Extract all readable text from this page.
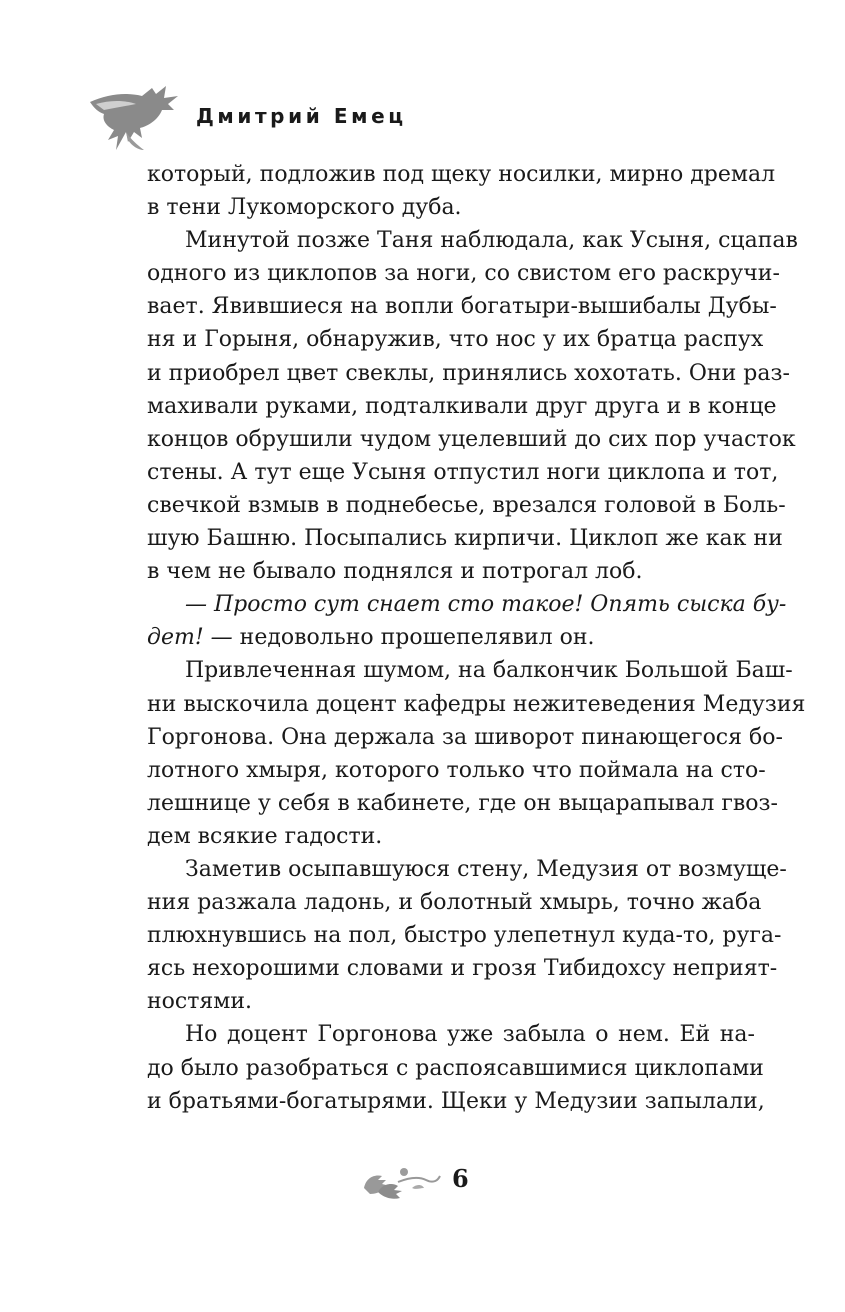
Дмитрий Емец
который, подложив под щеку носилки, мирно дремал
в тени Лукоморского дуба.
Минутой позже Таня наблюдала, как Усыня, сцапав
одного из циклопов за ноги, со свистом его раскручи-
вает. Явившиеся на вопли богатыри-вышибалы Дубы-
ня и Горыня, обнаружив, что нос у их братца распух
и приобрел цвет свеклы, принялись хохотать. Они раз-
махивали руками, подталкивали друг друга и в конце
концов обрушили чудом уцелевший до сих пор участок
стены. А тут еще Усыня отпустил ноги циклопа и тот,
свечкой взмыв в поднебесье, врезался головой в Боль-
шую Башню. Посыпались кирпичи. Циклоп же как ни
в чем не бывало поднялся и потрогал лоб.
— Просто сут снает сто такое! Опять сыска бу-
дет! — недовольно прошепелявил он.
Привлеченная шумом, на балкончик Большой Баш-
ни выскочила доцент кафедры нежитеведения Медузия
Горгонова. Она держала за шиворот пинающегося бо-
лотного хмыря, которого только что поймала на сто-
лешнице у себя в кабинете, где он выцарапывал гвоз-
дем всякие гадости.
Заметив осыпавшуюся стену, Медузия от возмуще-
ния разжала ладонь, и болотный хмырь, точно жаба
плюхнувшись на пол, быстро улепетнул куда-то, руга-
ясь нехорошими словами и грозя Тибидохсу неприят-
ностями.
Но доцент Горгонова уже забыла о нем. Ей на-
до было разобраться с распоясавшимися циклопами
и братьями-богатырями. Щеки у Медузии запылали,
6
